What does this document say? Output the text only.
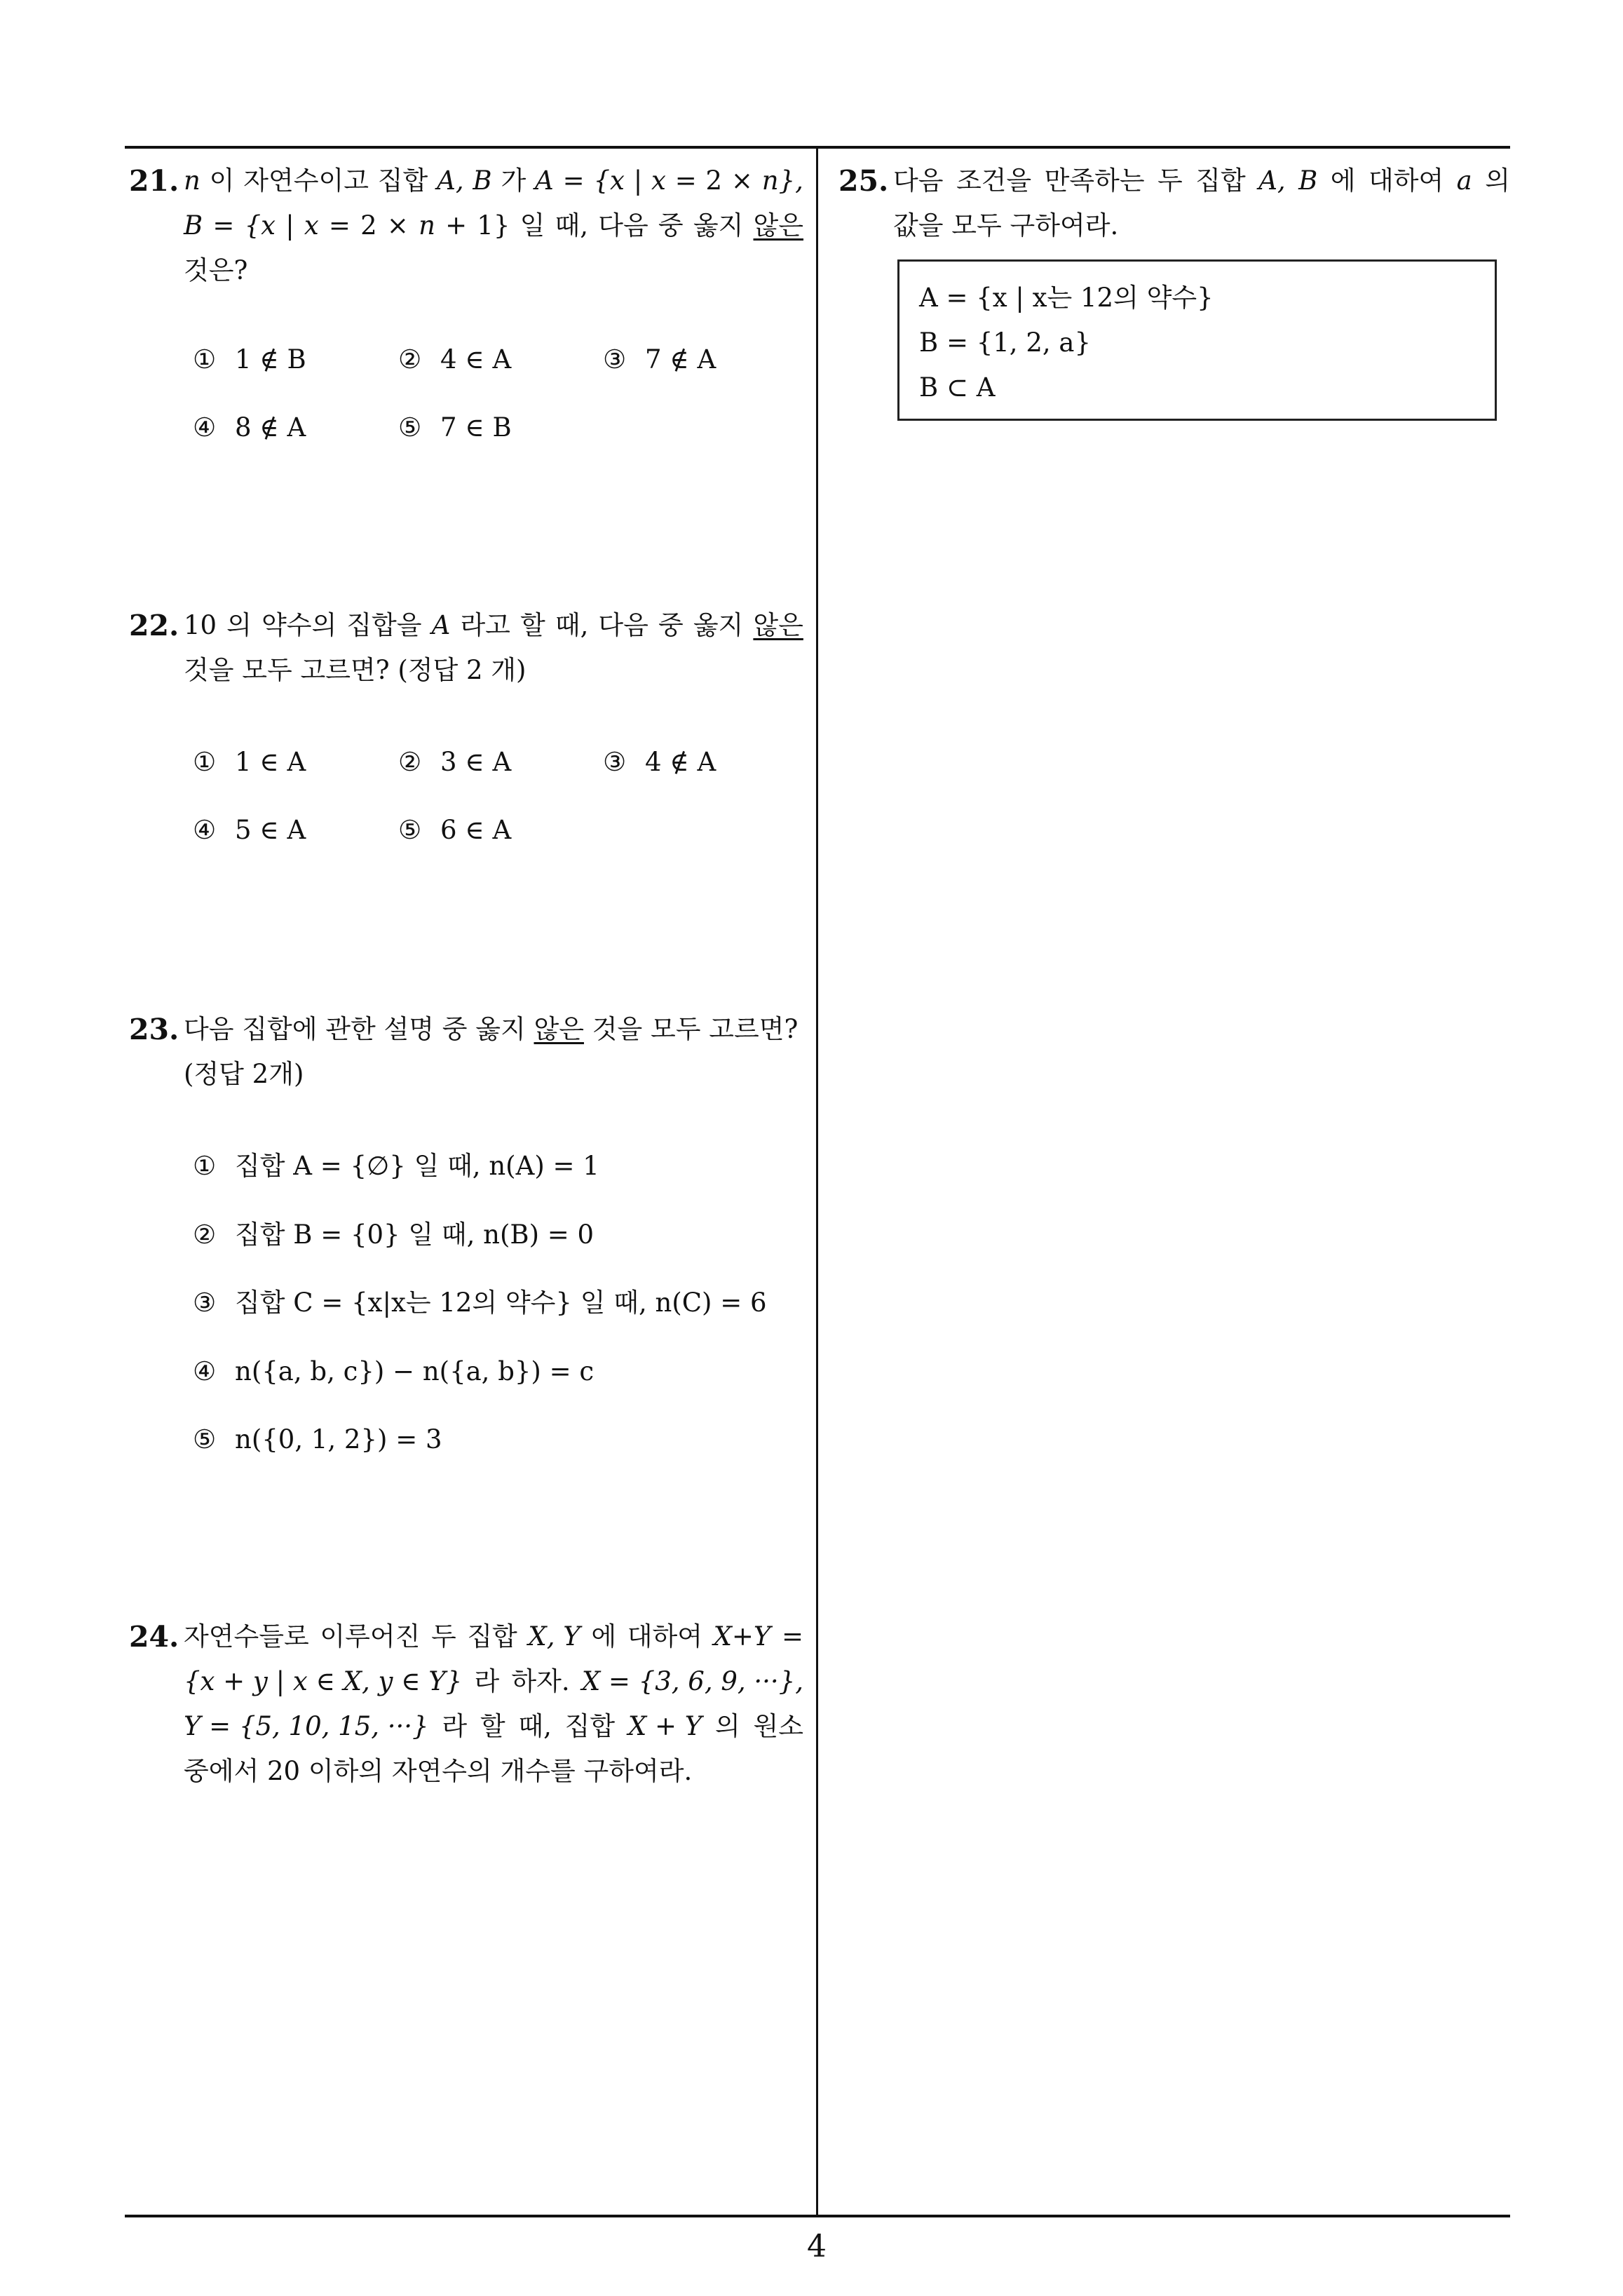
21. n 이 자연수이고 집합 A, B 가 A = {x | x = 2 × n},
B = {x | x = 2 × n + 1} 일 때, 다음 중 옳지 않은
것은?
① 1 ∉ B	② 4 ∈ A	③ 7 ∉ A
④ 8 ∉ A	⑤ 7 ∈ B
22. 10 의 약수의 집합을 A 라고 할 때, 다음 중 옳지 않은
것을 모두 고르면? (정답 2 개)
① 1 ∈ A	② 3 ∈ A	③ 4 ∉ A
④ 5 ∈ A	⑤ 6 ∈ A
23. 다음 집합에 관한 설명 중 옳지 않은 것을 모두 고르면?
(정답 2개)
① 집합 A = {∅} 일 때, n(A) = 1
② 집합 B = {0} 일 때, n(B) = 0
③ 집합 C = {x|x는 12의 약수} 일 때, n(C) = 6
④ n({a, b, c}) − n({a, b}) = c
⑤ n({0, 1, 2}) = 3
24. 자연수들로 이루어진 두 집합 X, Y 에 대하여 X+Y =
{x + y | x ∈ X, y ∈ Y} 라 하자. X = {3, 6, 9, ···},
Y = {5, 10, 15, ···} 라 할 때, 집합 X + Y 의 원소
중에서 20 이하의 자연수의 개수를 구하여라.
25. 다음 조건을 만족하는 두 집합 A, B 에 대하여 a 의
값을 모두 구하여라.
A = {x | x는 12의 약수}
B = {1, 2, a}
B ⊂ A
4
